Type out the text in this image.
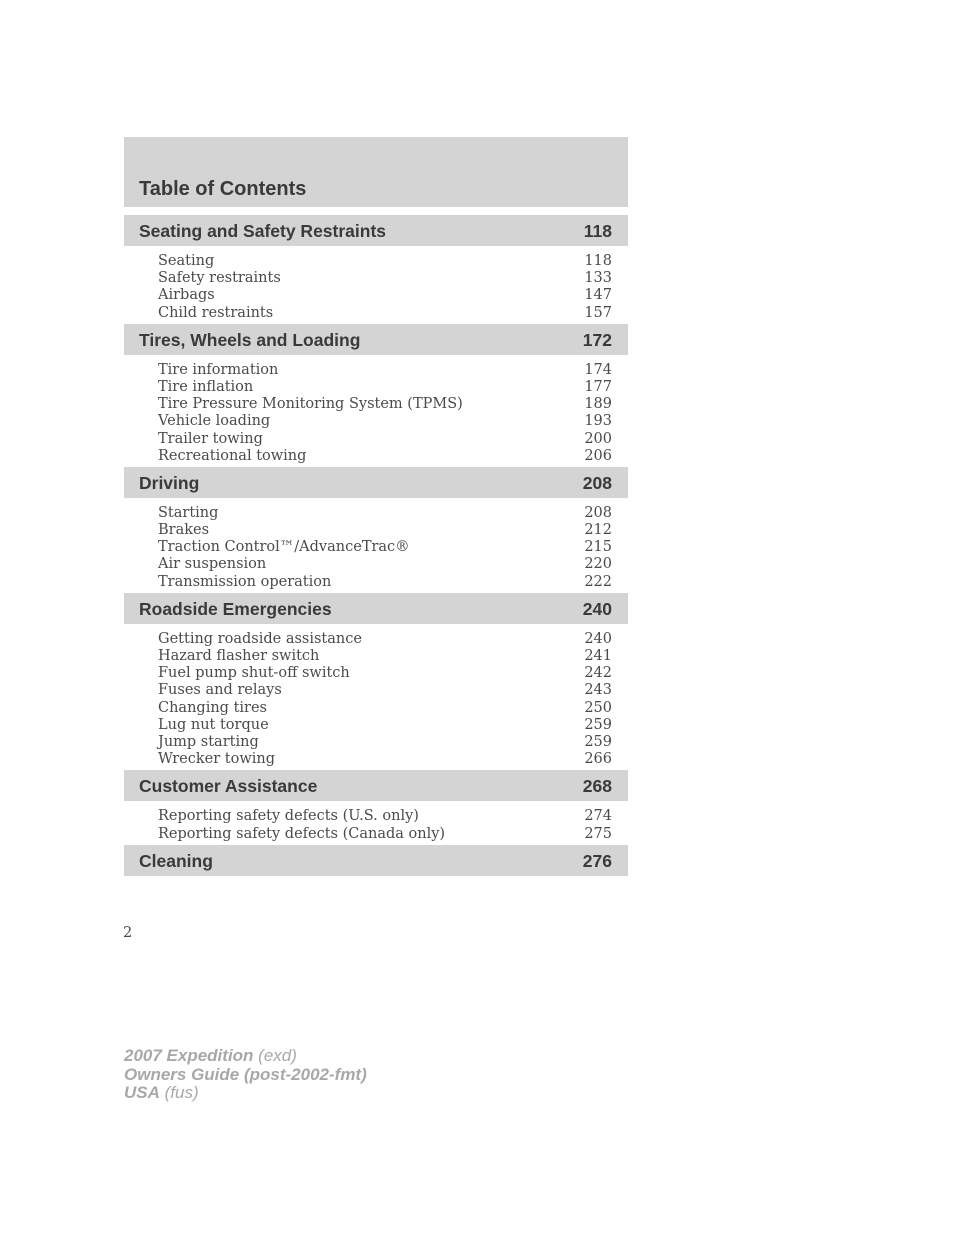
Table of Contents
Seating and Safety Restraints	118
Seating	118
Safety restraints	133
Airbags	147
Child restraints	157
Tires, Wheels and Loading	172
Tire information	174
Tire inflation	177
Tire Pressure Monitoring System (TPMS)	189
Vehicle loading	193
Trailer towing	200
Recreational towing	206
Driving	208
Starting	208
Brakes	212
Traction Control™/AdvanceTrac®	215
Air suspension	220
Transmission operation	222
Roadside Emergencies	240
Getting roadside assistance	240
Hazard flasher switch	241
Fuel pump shut-off switch	242
Fuses and relays	243
Changing tires	250
Lug nut torque	259
Jump starting	259
Wrecker towing	266
Customer Assistance	268
Reporting safety defects (U.S. only)	274
Reporting safety defects (Canada only)	275
Cleaning	276
2
2007 Expedition (exd)
Owners Guide (post-2002-fmt)
USA (fus)
